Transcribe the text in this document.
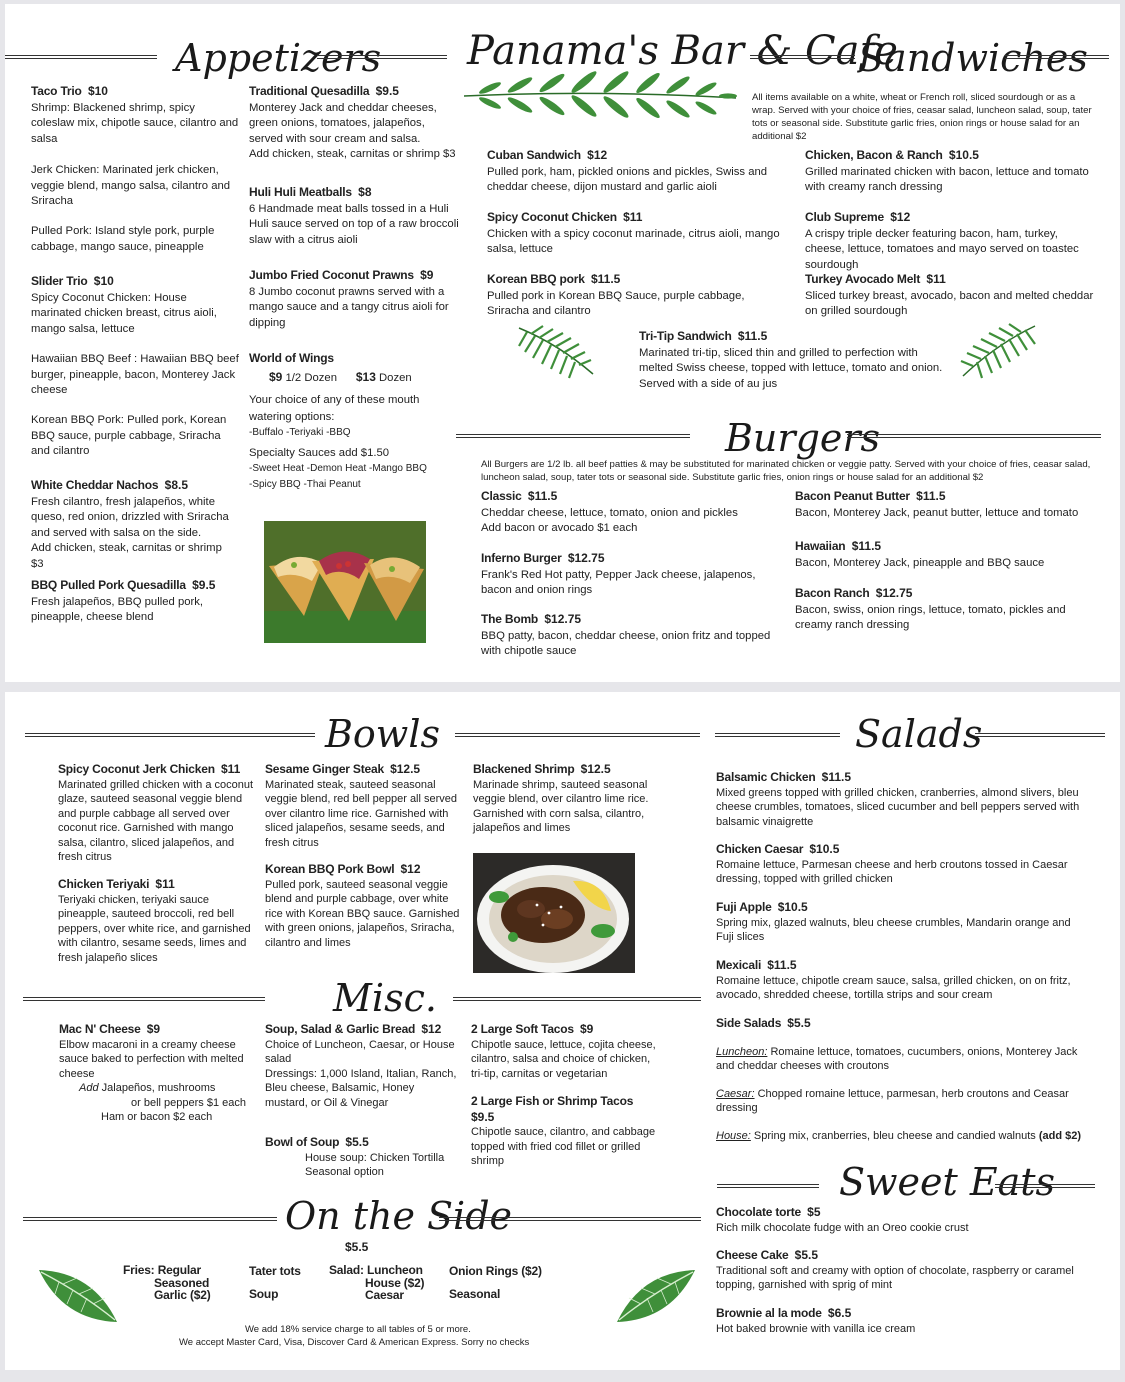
Appetizers Panama's Bar & Cafe
Sandwiches
Taco Trio $10
Shrimp: Blackened shrimp, spicy coleslaw mix, chipotle sauce, cilantro and salsa
Jerk Chicken: Marinated jerk chicken, veggie blend, mango salsa, cilantro and Sriracha
Pulled Pork: Island style pork, purple cabbage, mango sauce, pineapple
Slider Trio $10
Spicy Coconut Chicken: House marinated chicken breast, citrus aioli, mango salsa, lettuce
Hawaiian BBQ Beef : Hawaiian BBQ beef burger, pineapple, bacon, Monterey Jack cheese
Korean BBQ Pork: Pulled pork, Korean BBQ sauce, purple cabbage, Sriracha and cilantro
White Cheddar Nachos $8.5
Fresh cilantro, fresh jalapeños, white queso, red onion, drizzled with Sriracha and served with salsa on the side.
Add chicken, steak, carnitas or shrimp $3
BBQ Pulled Pork Quesadilla $9.5
Fresh jalapeños, BBQ pulled pork, pineapple, cheese blend
Traditional Quesadilla $9.5
Monterey Jack and cheddar cheeses, green onions, tomatoes, jalapeños, served with sour cream and salsa.
Add chicken, steak, carnitas or shrimp $3
Huli Huli Meatballs $8
6 Handmade meat balls tossed in a Huli Huli sauce served on top of a raw broccoli slaw with a citrus aioli
Jumbo Fried Coconut Prawns $9
8 Jumbo coconut prawns served with a mango sauce and a tangy citrus aioli for dipping
World of Wings
$9 1/2 Dozen $13 Dozen
Your choice of any of these mouth watering options:
-Buffalo -Teriyaki -BBQ
Specialty Sauces add $1.50
-Sweet Heat -Demon Heat -Mango BBQ
-Spicy BBQ -Thai Peanut
All items available on a white, wheat or French roll, sliced sourdough or as a wrap. Served with your choice of fries, ceasar salad, luncheon salad, soup, tater tots or seasonal side. Substitute garlic fries, onion rings or house salad for an additional $2
Cuban Sandwich $12
Pulled pork, ham, pickled onions and pickles, Swiss and cheddar cheese, dijon mustard and garlic aioli
Spicy Coconut Chicken $11
Chicken with a spicy coconut marinade, citrus aioli, mango salsa, lettuce
Korean BBQ pork $11.5
Pulled pork in Korean BBQ Sauce, purple cabbage, Sriracha and cilantro
Chicken, Bacon & Ranch $10.5
Grilled marinated chicken with bacon, lettuce and tomato with creamy ranch dressing
Club Supreme $12
A crispy triple decker featuring bacon, ham, turkey, cheese, lettuce, tomatoes and mayo served on toastec sourdough
Turkey Avocado Melt $11
Sliced turkey breast, avocado, bacon and melted cheddar on grilled sourdough
Tri-Tip Sandwich $11.5
Marinated tri-tip, sliced thin and grilled to perfection with melted Swiss cheese, topped with lettuce, tomato and onion. Served with a side of au jus
Burgers
All Burgers are 1/2 lb. all beef patties & may be substituted for marinated chicken or veggie patty. Served with your choice of fries, ceasar salad, luncheon salad, soup, tater tots or seasonal side. Substitute garlic fries, onion rings or house salad for an additional $2
Classic $11.5
Cheddar cheese, lettuce, tomato, onion and pickles
Add bacon or avocado $1 each
Inferno Burger $12.75
Frank's Red Hot patty, Pepper Jack cheese, jalapenos, bacon and onion rings
The Bomb $12.75
BBQ patty, bacon, cheddar cheese, onion fritz and topped with chipotle sauce
Bacon Peanut Butter $11.5
Bacon, Monterey Jack, peanut butter, lettuce and tomato
Hawaiian $11.5
Bacon, Monterey Jack, pineapple and BBQ sauce
Bacon Ranch $12.75
Bacon, swiss, onion rings, lettuce, tomato, pickles and creamy ranch dressing
Bowls	Salads
Spicy Coconut Jerk Chicken $11
Marinated grilled chicken with a coconut glaze, sauteed seasonal veggie blend and purple cabbage all served over coconut rice. Garnished with mango salsa, cilantro, sliced jalapeños, and fresh citrus
Chicken Teriyaki $11
Teriyaki chicken, teriyaki sauce pineapple, sauteed broccoli, red bell peppers, over white rice, and garnished with cilantro, sesame seeds, limes and fresh jalapeño slices
Sesame Ginger Steak $12.5
Marinated steak, sauteed seasonal veggie blend, red bell pepper all served over cilantro lime rice. Garnished with sliced jalapeños, sesame seeds, and fresh citrus
Korean BBQ Pork Bowl $12
Pulled pork, sauteed seasonal veggie blend and purple cabbage, over white rice with Korean BBQ sauce. Garnished with green onions, jalapeños, Sriracha, cilantro and limes
Blackened Shrimp $12.5
Marinade shrimp, sauteed seasonal veggie blend, over cilantro lime rice. Garnished with corn salsa, cilantro, jalapeños and limes
Misc.
Mac N' Cheese $9
Elbow macaroni in a creamy cheese sauce baked to perfection with melted cheese
Add Jalapeños, mushrooms
or bell peppers $1 each
Ham or bacon $2 each
Soup, Salad & Garlic Bread $12
Choice of Luncheon, Caesar, or House salad
Dressings: 1,000 Island, Italian, Ranch, Bleu cheese, Balsamic, Honey mustard, or Oil & Vinegar
Bowl of Soup $5.5
House soup: Chicken Tortilla
Seasonal option
2 Large Soft Tacos $9
Chipotle sauce, lettuce, cojita cheese, cilantro, salsa and choice of chicken, tri-tip, carnitas or vegetarian
2 Large Fish or Shrimp Tacos  $9.5
Chipotle sauce, cilantro, and cabbage topped with fried cod fillet or grilled shrimp
On the Side
$5.5
Fries: Regular
Seasoned
Garlic ($2)
Tater tots
Soup
Salad: Luncheon
House ($2)
Caesar
Onion Rings ($2)
Seasonal
We add 18% service charge to all tables of 5 or more.
We accept Master Card, Visa, Discover Card & American Express. Sorry no checks
Balsamic Chicken $11.5
Mixed greens topped with grilled chicken, cranberries, almond slivers, bleu cheese crumbles, tomatoes, sliced cucumber and bell peppers served with balsamic vinaigrette
Chicken Caesar $10.5
Romaine lettuce, Parmesan cheese and herb croutons tossed in Caesar dressing, topped with grilled chicken
Fuji Apple $10.5
Spring mix, glazed walnuts, bleu cheese crumbles, Mandarin orange and Fuji slices
Mexicali $11.5
Romaine lettuce, chipotle cream sauce, salsa, grilled chicken, on on fritz, avocado, shredded cheese, tortilla strips and sour cream
Side Salads $5.5
Luncheon: Romaine lettuce, tomatoes, cucumbers, onions, Monterey Jack and cheddar cheeses with croutons
Caesar: Chopped romaine lettuce, parmesan, herb croutons and Ceasar dressing
House: Spring mix, cranberries, bleu cheese and candied walnuts (add $2)
Sweet Eats
Chocolate torte $5
Rich milk chocolate fudge with an Oreo cookie crust
Cheese Cake $5.5
Traditional soft and creamy with option of chocolate, raspberry or caramel topping, garnished with sprig of mint
Brownie al la mode $6.5
Hot baked brownie with vanilla ice cream
